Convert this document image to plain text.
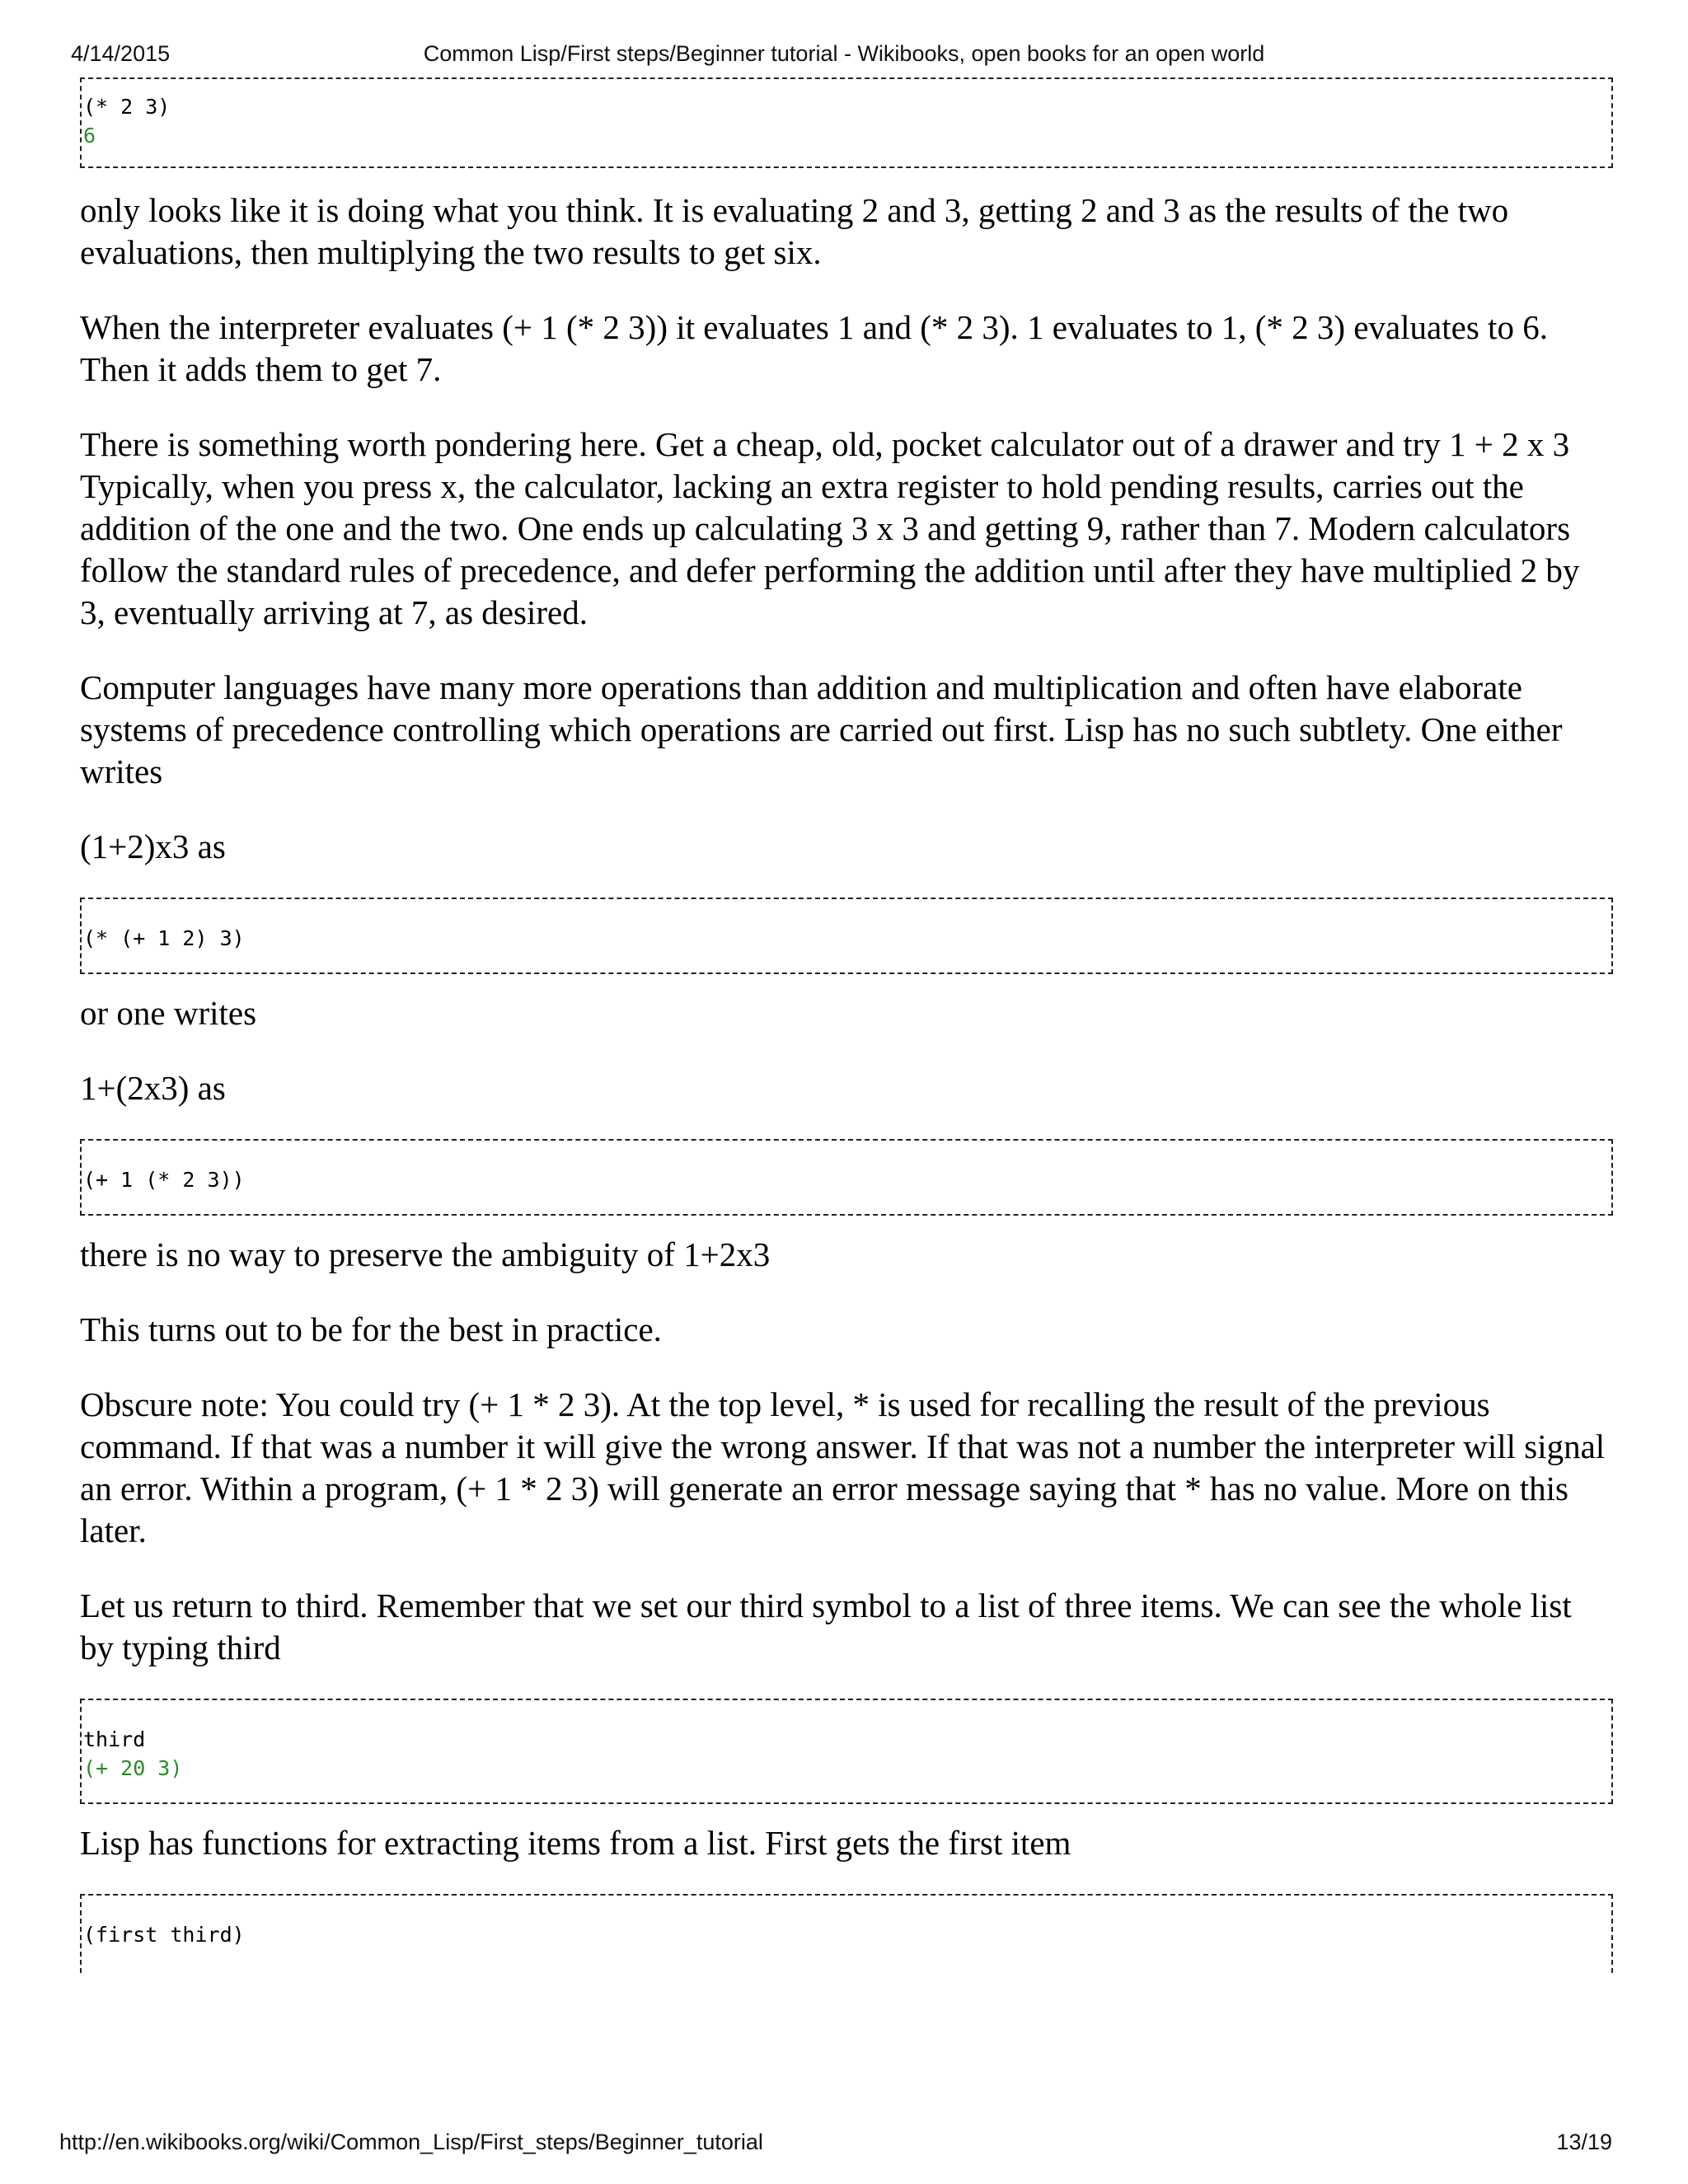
4/14/2015	Common Lisp/First steps/Beginner tutorial - Wikibooks, open books for an open world
(* 2 3)
6

only looks like it is doing what you think. It is evaluating 2 and 3, getting 2 and 3 as the results of the two evaluations, then multiplying the two results to get six.

When the interpreter evaluates (+ 1 (* 2 3)) it evaluates 1 and (* 2 3). 1 evaluates to 1, (* 2 3) evaluates to 6. Then it adds them to get 7.

There is something worth pondering here. Get a cheap, old, pocket calculator out of a drawer and try 1 + 2 x 3 Typically, when you press x, the calculator, lacking an extra register to hold pending results, carries out the addition of the one and the two. One ends up calculating 3 x 3 and getting 9, rather than 7. Modern calculators follow the standard rules of precedence, and defer performing the addition until after they have multiplied 2 by 3, eventually arriving at 7, as desired.

Computer languages have many more operations than addition and multiplication and often have elaborate systems of precedence controlling which operations are carried out first. Lisp has no such subtlety. One either writes

(1+2)x3 as

(* (+ 1 2) 3)

or one writes

1+(2x3) as

(+ 1 (* 2 3))

there is no way to preserve the ambiguity of 1+2x3

This turns out to be for the best in practice.

Obscure note: You could try (+ 1 * 2 3). At the top level, * is used for recalling the result of the previous command. If that was a number it will give the wrong answer. If that was not a number the interpreter will signal an error. Within a program, (+ 1 * 2 3) will generate an error message saying that * has no value. More on this later.

Let us return to third. Remember that we set our third symbol to a list of three items. We can see the whole list by typing third

third
(+ 20 3)

Lisp has functions for extracting items from a list. First gets the first item

(first third)
http://en.wikibooks.org/wiki/Common_Lisp/First_steps/Beginner_tutorial	13/19
